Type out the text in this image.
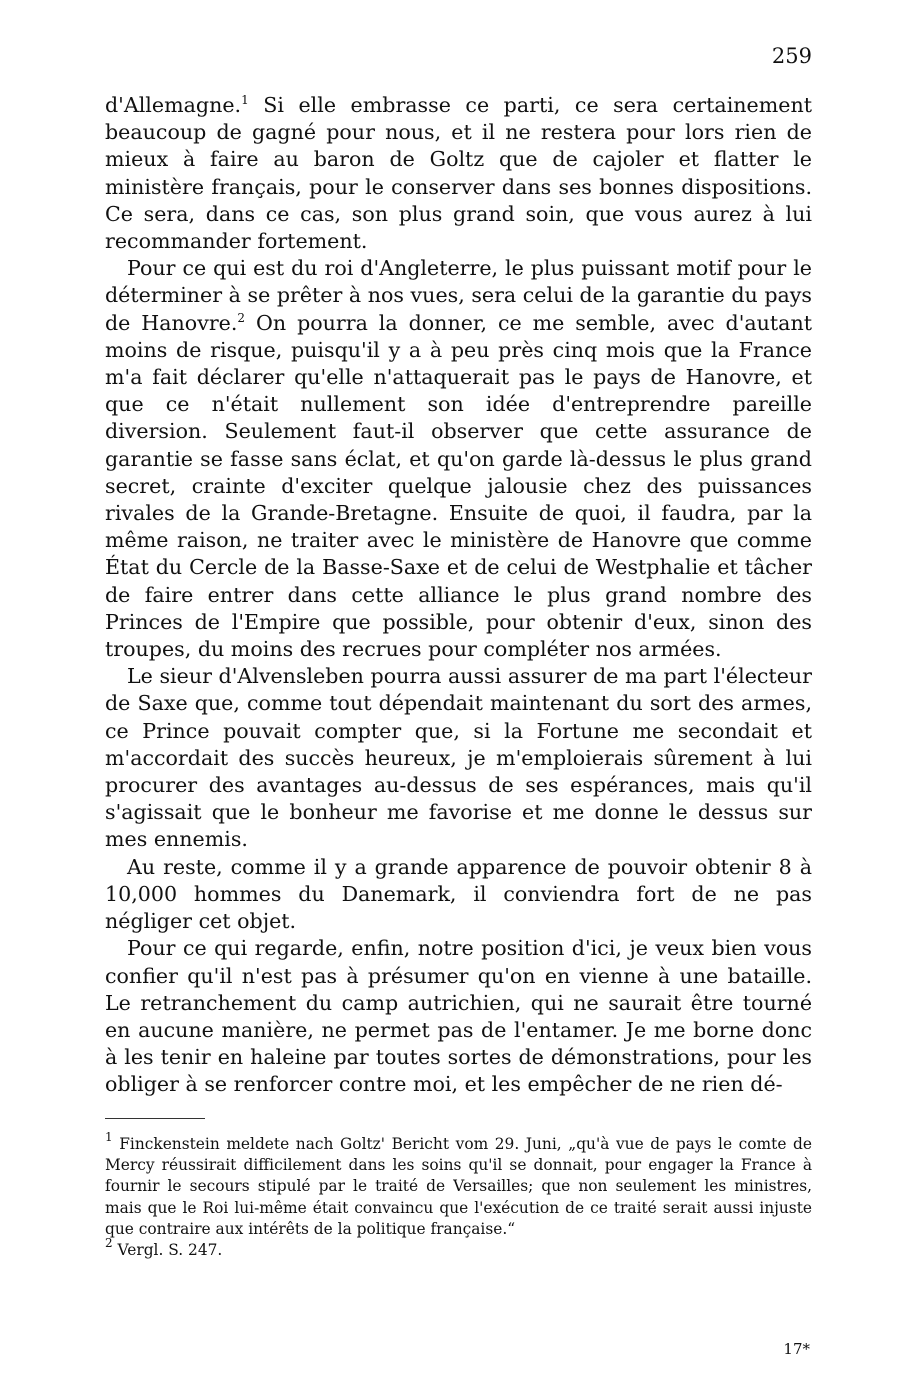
259

d'Allemagne.$^1$ Si elle embrasse ce parti, ce sera certainement beaucoup de gagné pour nous, et il ne restera pour lors rien de mieux à faire au baron de Goltz que de cajoler et flatter le ministère français, pour le conserver dans ses bonnes dispositions. Ce sera, dans ce cas, son plus grand soin, que vous aurez à lui recommander fortement.

Pour ce qui est du roi d'Angleterre, le plus puissant motif pour le déterminer à se prêter à nos vues, sera celui de la garantie du pays de Hanovre.$^2$ On pourra la donner, ce me semble, avec d'autant moins de risque, puisqu'il y a à peu près cinq mois que la France m'a fait déclarer qu'elle n'attaquerait pas le pays de Hanovre, et que ce n'était nullement son idée d'entreprendre pareille diversion. Seulement faut-il observer que cette assurance de garantie se fasse sans éclat, et qu'on garde là-dessus le plus grand secret, crainte d'exciter quelque jalousie chez des puissances rivales de la Grande-Bretagne. Ensuite de quoi, il faudra, par la même raison, ne traiter avec le ministère de Hanovre que comme État du Cercle de la Basse-Saxe et de celui de Westphalie et tâcher de faire entrer dans cette alliance le plus grand nombre des Princes de l'Empire que possible, pour obtenir d'eux, sinon des troupes, du moins des recrues pour compléter nos armées.

Le sieur d'Alvensleben pourra aussi assurer de ma part l'électeur de Saxe que, comme tout dépendait maintenant du sort des armes, ce Prince pouvait compter que, si la Fortune me secondait et m'accordait des succès heureux, je m'emploierais sûrement à lui procurer des avantages au-dessus de ses espérances, mais qu'il s'agissait que le bonheur me favorise et me donne le dessus sur mes ennemis.

Au reste, comme il y a grande apparence de pouvoir obtenir 8 à 10,000 hommes du Danemark, il conviendra fort de ne pas négliger cet objet.

Pour ce qui regarde, enfin, notre position d'ici, je veux bien vous confier qu'il n'est pas à présumer qu'on en vienne à une bataille. Le retranchement du camp autrichien, qui ne saurait être tourné en aucune manière, ne permet pas de l'entamer. Je me borne donc à les tenir en haleine par toutes sortes de démonstrations, pour les obliger à se renforcer contre moi, et les empêcher de ne rien dé-

$^1$ Finckenstein meldete nach Goltz' Bericht vom 29. Juni, „qu'à vue de pays le comte de Mercy réussirait difficilement dans les soins qu'il se donnait, pour engager la France à fournir le secours stipulé par le traité de Versailles; que non seulement les ministres, mais que le Roi lui-même était convaincu que l'exécution de ce traité serait aussi injuste que contraire aux intérêts de la politique française.“

$^2$ Vergl. S. 247.

17*
